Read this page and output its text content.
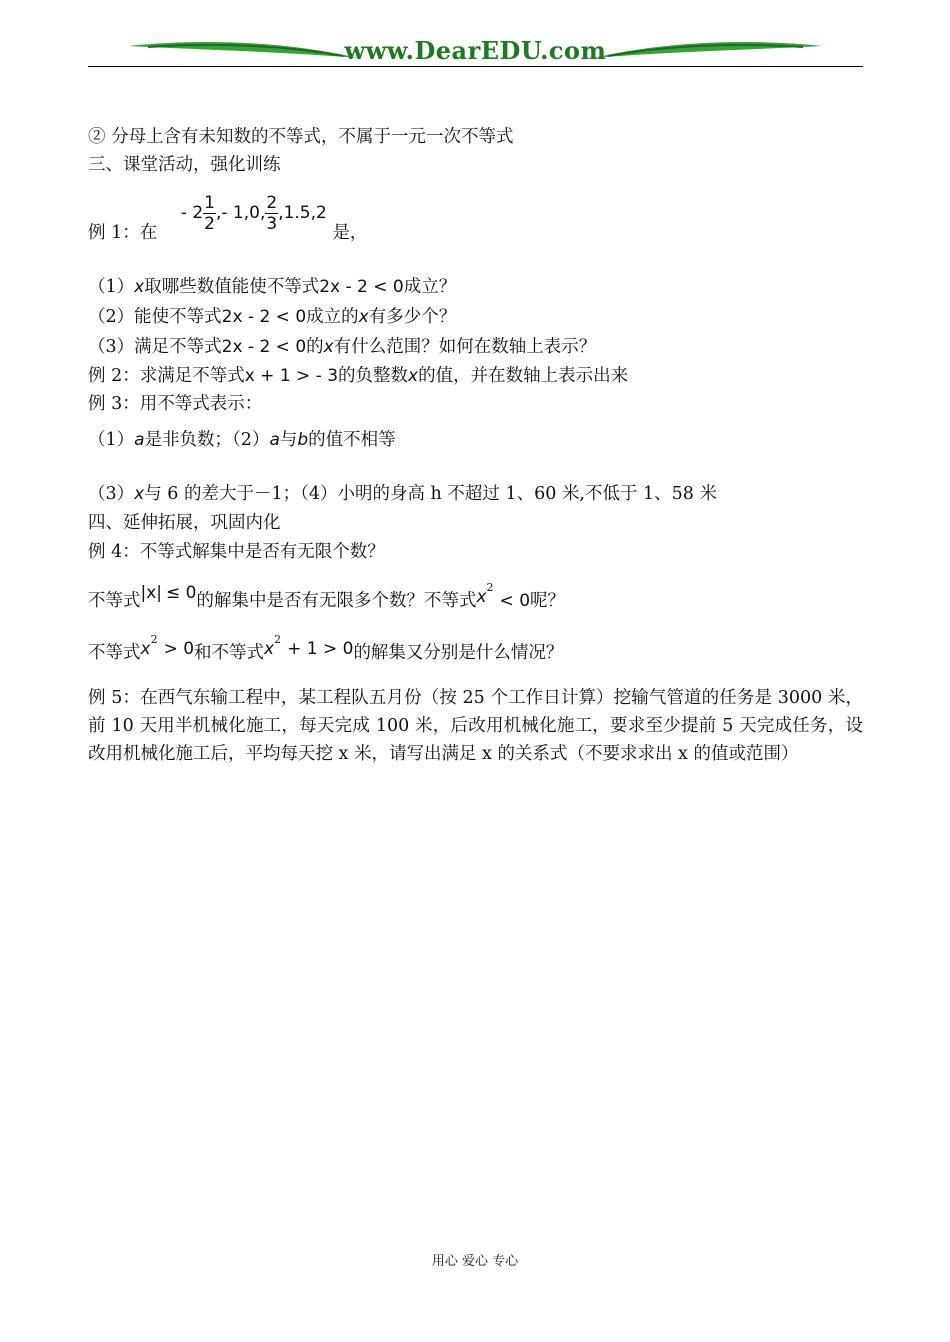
www.DearEDU.com
② 分母上含有未知数的不等式，不属于一元一次不等式
三、课堂活动，强化训练
例 1：在 - $2 \frac{1}{2}$ ,- 1,0, $\frac{2}{3} ,1.5,2$ 是，
（1）x取哪些数值能使不等式2x - 2 < 0成立？
（2）能使不等式2x - 2 < 0成立的x有多少个？
（3）满足不等式2x - 2 < 0的x有什么范围？如何在数轴上表示？
例 2：求满足不等式x + 1 > - 3的负整数x的值，并在数轴上表示出来
例 3：用不等式表示：
（1）a是非负数；（2）a与b的值不相等
（3）x与 6 的差大于－1；（4）小明的身高 h 不超过 1、60 米,不低于 1、58 米
四、延伸拓展，巩固内化
例 4：不等式解集中是否有无限个数？
不等式|x| ≤ 0的解集中是否有无限多个数？不等式$x^2< 0$呢？
不等式$x^2 > 0$和不等式$x^2 + 1 > 0$的解集又分别是什么情况？
例 5：在西气东输工程中，某工程队五月份（按 25 个工作日计算）挖输气管道的任务是 3000 米，前 10 天用半机械化施工，每天完成 100 米，后改用机械化施工，要求至少提前 5 天完成任务，设改用机械化施工后，平均每天挖 x 米，请写出满足 x 的关系式（不要求求出 x 的值或范围）
用心 爱心 专心
